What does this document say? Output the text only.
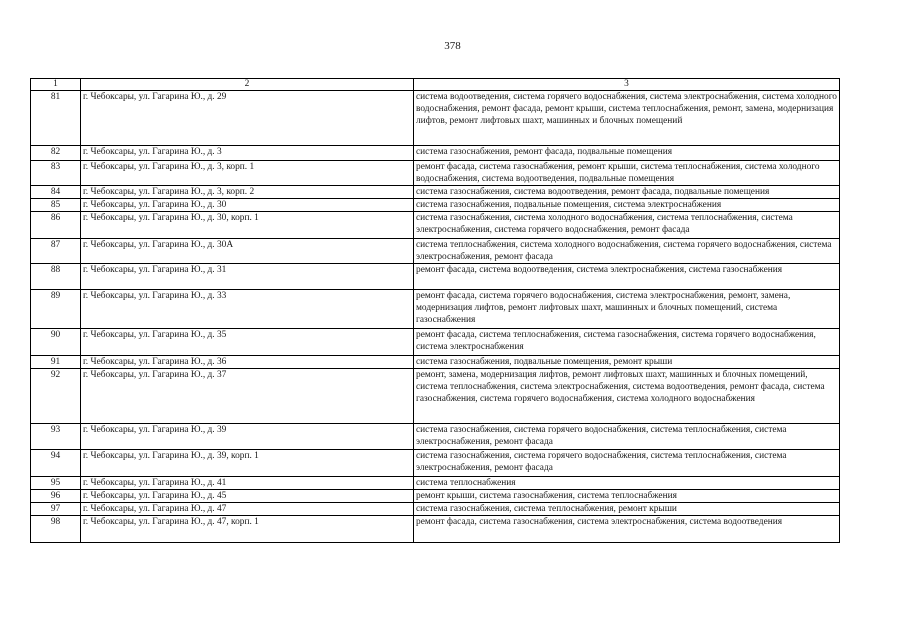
378
1	2	3
81	г. Чебоксары, ул. Гагарина Ю., д. 29	система водоотведения, система горячего водоснабжения, система электроснабжения, система холодного водоснабжения, ремонт фасада, ремонт крыши, система теплоснабжения, ремонт, замена, модернизация лифтов, ремонт лифтовых шахт, машинных и блочных помещений
82	г. Чебоксары, ул. Гагарина Ю., д. 3	система газоснабжения, ремонт фасада, подвальные помещения
83	г. Чебоксары, ул. Гагарина Ю., д. 3, корп. 1	ремонт фасада, система газоснабжения, ремонт крыши, система теплоснабжения, система холодного водоснабжения, система водоотведения, подвальные помещения
84	г. Чебоксары, ул. Гагарина Ю., д. 3, корп. 2	система газоснабжения, система водоотведения, ремонт фасада, подвальные помещения
85	г. Чебоксары, ул. Гагарина Ю., д. 30	система газоснабжения, подвальные помещения, система электроснабжения
86	г. Чебоксары, ул. Гагарина Ю., д. 30, корп. 1	система газоснабжения, система холодного водоснабжения, система теплоснабжения, система электроснабжения, система горячего водоснабжения, ремонт фасада
87	г. Чебоксары, ул. Гагарина Ю., д. 30А	система теплоснабжения, система холодного водоснабжения, система горячего водоснабжения, система электроснабжения, ремонт фасада
88	г. Чебоксары, ул. Гагарина Ю., д. 31	ремонт фасада, система водоотведения, система электроснабжения, система газоснабжения
89	г. Чебоксары, ул. Гагарина Ю., д. 33	ремонт фасада, система горячего водоснабжения, система электроснабжения, ремонт, замена, модернизация лифтов, ремонт лифтовых шахт, машинных и блочных помещений, система газоснабжения
90	г. Чебоксары, ул. Гагарина Ю., д. 35	ремонт фасада, система теплоснабжения, система газоснабжения, система горячего водоснабжения, система электроснабжения
91	г. Чебоксары, ул. Гагарина Ю., д. 36	система газоснабжения, подвальные помещения, ремонт крыши
92	г. Чебоксары, ул. Гагарина Ю., д. 37	ремонт, замена, модернизация лифтов, ремонт лифтовых шахт, машинных и блочных помещений, система теплоснабжения, система электроснабжения, система водоотведения, ремонт фасада, система газоснабжения, система горячего водоснабжения, система холодного водоснабжения
93	г. Чебоксары, ул. Гагарина Ю., д. 39	система газоснабжения, система горячего водоснабжения, система теплоснабжения, система электроснабжения, ремонт фасада
94	г. Чебоксары, ул. Гагарина Ю., д. 39, корп. 1	система газоснабжения, система горячего водоснабжения, система теплоснабжения, система электроснабжения, ремонт фасада
95	г. Чебоксары, ул. Гагарина Ю., д. 41	система теплоснабжения
96	г. Чебоксары, ул. Гагарина Ю., д. 45	ремонт крыши, система газоснабжения, система теплоснабжения
97	г. Чебоксары, ул. Гагарина Ю., д. 47	система газоснабжения, система теплоснабжения, ремонт крыши
98	г. Чебоксары, ул. Гагарина Ю., д. 47, корп. 1	ремонт фасада, система газоснабжения, система электроснабжения, система водоотведения
